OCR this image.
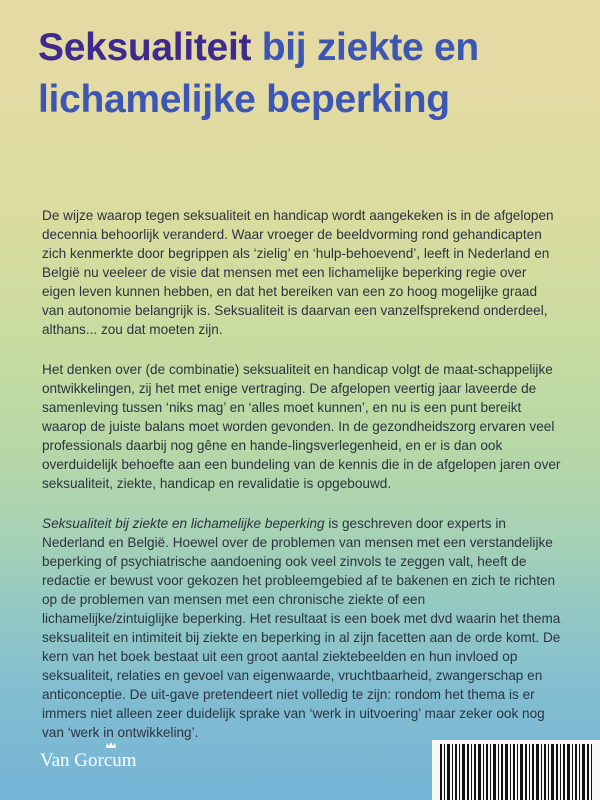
Seksualiteit bij ziekte en lichamelijke beperking

De wijze waarop tegen seksualiteit en handicap wordt aangekeken is in de afgelopen decennia behoorlijk veranderd. Waar vroeger de beeldvorming rond gehandicapten zich kenmerkte door begrippen als ‘zielig’ en ‘hulp-behoevend’, leeft in Nederland en België nu veeleer de visie dat mensen met een lichamelijke beperking regie over eigen leven kunnen hebben, en dat het bereiken van een zo hoog mogelijke graad van autonomie belangrijk is. Seksualiteit is daarvan een vanzelfsprekend onderdeel, althans... zou dat moeten zijn.

Het denken over (de combinatie) seksualiteit en handicap volgt de maat-schappelijke ontwikkelingen, zij het met enige vertraging. De afgelopen veertig jaar laveerde de samenleving tussen ‘niks mag’ en ‘alles moet kunnen’, en nu is een punt bereikt waarop de juiste balans moet worden gevonden. In de gezondheidszorg ervaren veel professionals daarbij nog gêne en hande-lingsverlegenheid, en er is dan ook overduidelijk behoefte aan een bundeling van de kennis die in de afgelopen jaren over seksualiteit, ziekte, handicap en revalidatie is opgebouwd.

Seksualiteit bij ziekte en lichamelijke beperking is geschreven door experts in Nederland en België. Hoewel over de problemen van mensen met een verstandelijke beperking of psychiatrische aandoening ook veel zinvols te zeggen valt, heeft de redactie er bewust voor gekozen het probleemgebied af te bakenen en zich te richten op de problemen van mensen met een chronische ziekte of een lichamelijke/zintuiglijke beperking. Het resultaat is een boek met dvd waarin het thema seksualiteit en intimiteit bij ziekte en beperking in al zijn facetten aan de orde komt. De kern van het boek bestaat uit een groot aantal ziektebeelden en hun invloed op seksualiteit, relaties en gevoel van eigenwaarde, vruchtbaarheid, zwangerschap en anticonceptie. De uit-gave pretendeert niet volledig te zijn: rondom het thema is er immers niet alleen zeer duidelijk sprake van ‘werk in uitvoering’ maar zeker ook nog van ‘werk in ontwikkeling’.

Van Gorcum
